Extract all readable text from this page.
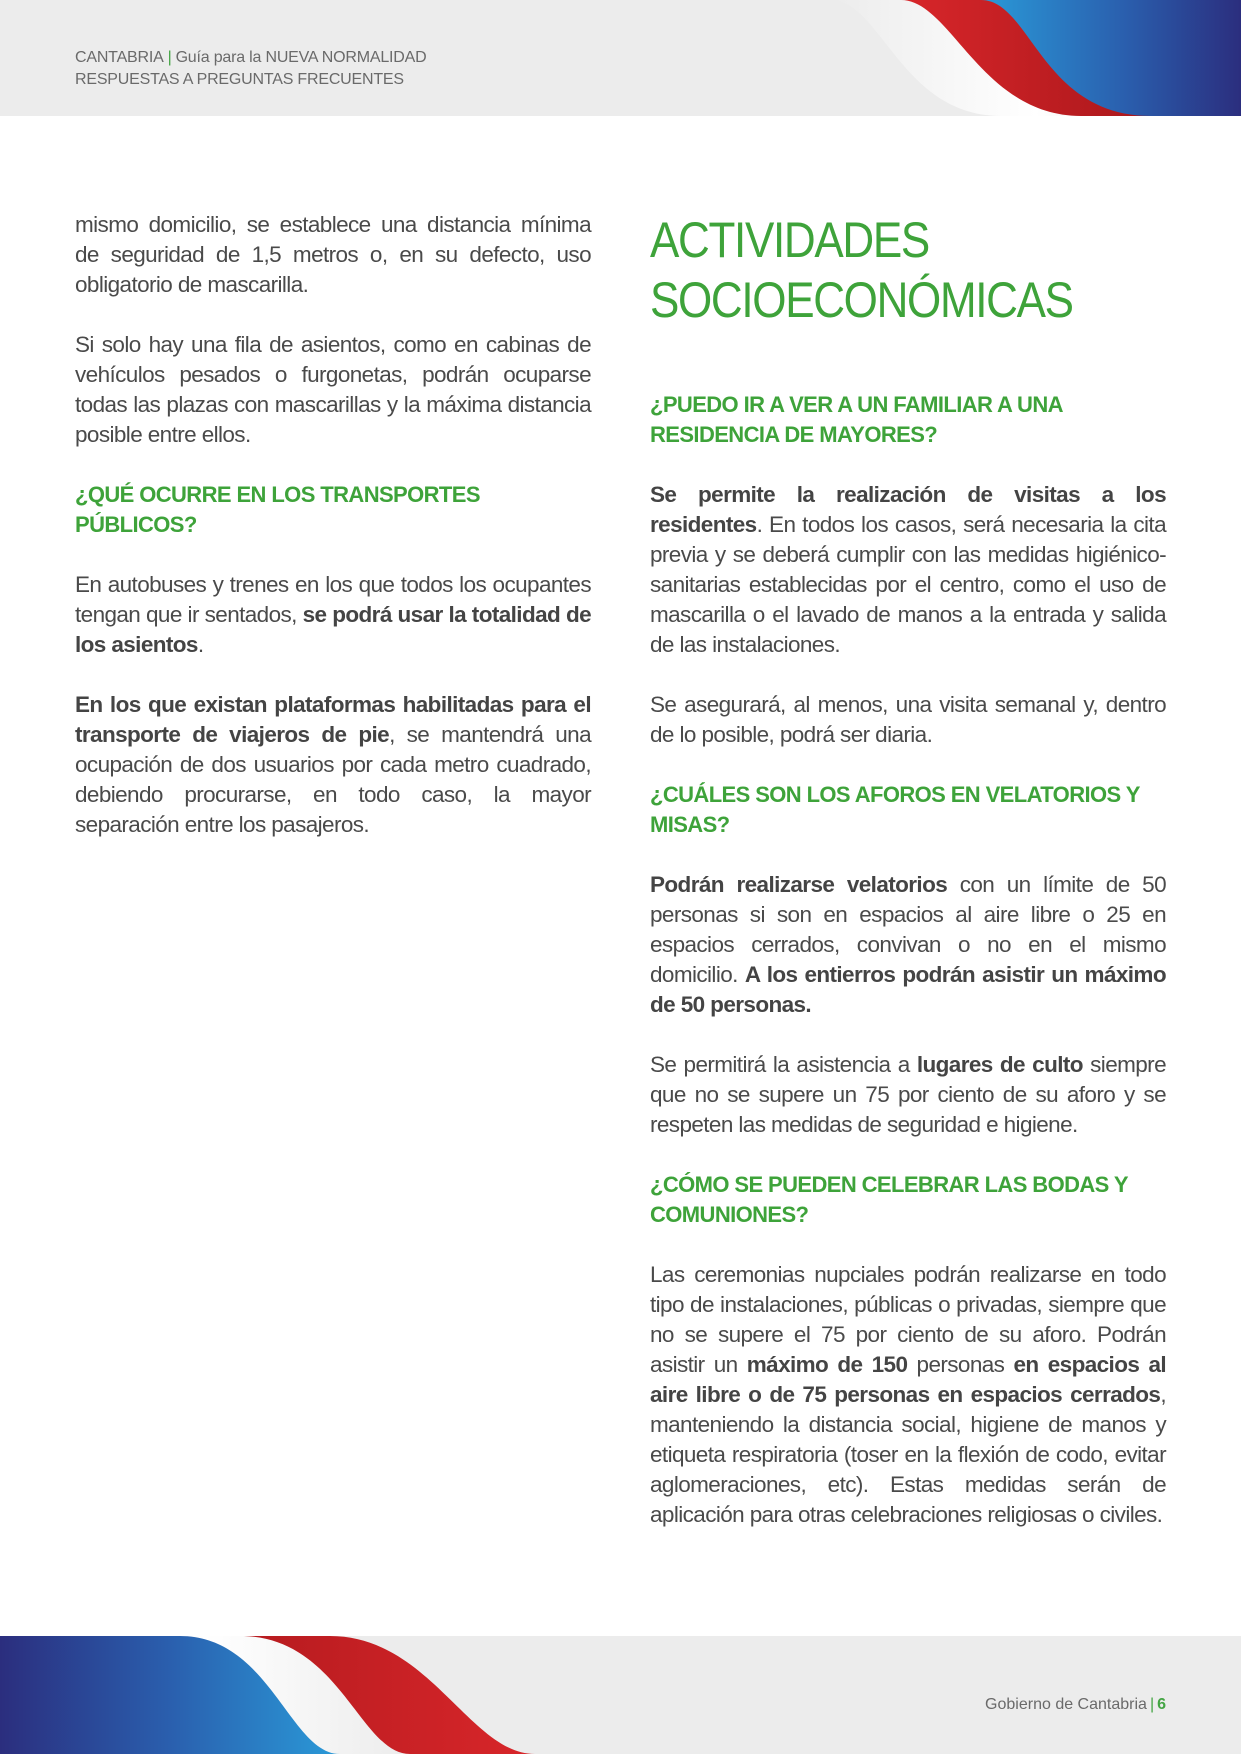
CANTABRIA | Guía para la NUEVA NORMALIDAD
RESPUESTAS A PREGUNTAS FRECUENTES

mismo domicilio, se establece una distancia mínima de seguridad de 1,5 metros o, en su defecto, uso obligatorio de mascarilla.

Si solo hay una fila de asientos, como en cabinas de vehículos pesados o furgonetas, podrán ocuparse todas las plazas con mascarillas y la máxima distancia posible entre ellos.

¿QUÉ OCURRE EN LOS TRANSPORTES PÚBLICOS?

En autobuses y trenes en los que todos los ocupantes tengan que ir sentados, se podrá usar la totalidad de los asientos.

En los que existan plataformas habilitadas para el transporte de viajeros de pie, se mantendrá una ocupación de dos usuarios por cada metro cuadrado, debiendo procurarse, en todo caso, la mayor separación entre los pasajeros.

ACTIVIDADES
SOCIOECONÓMICAS
¿PUEDO IR A VER A UN FAMILIAR A UNA RESIDENCIA DE MAYORES?

Se permite la realización de visitas a los residentes. En todos los casos, será necesaria la cita previa y se deberá cumplir con las medidas higiénico-sanitarias establecidas por el centro, como el uso de mascarilla o el lavado de manos a la entrada y salida de las instalaciones.

Se asegurará, al menos, una visita semanal y, dentro de lo posible, podrá ser diaria.

¿CUÁLES SON LOS AFOROS EN VELATORIOS Y MISAS?

Podrán realizarse velatorios con un límite de 50 personas si son en espacios al aire libre o 25 en espacios cerrados, convivan o no en el mismo domicilio. A los entierros podrán asistir un máximo de 50 personas.

Se permitirá la asistencia a lugares de culto siempre que no se supere un 75 por ciento de su aforo y se respeten las medidas de seguridad e higiene.

¿CÓMO SE PUEDEN CELEBRAR LAS BODAS Y COMUNIONES?

Las ceremonias nupciales podrán realizarse en todo tipo de instalaciones, públicas o privadas, siempre que no se supere el 75 por ciento de su aforo. Podrán asistir un máximo de 150 personas en espacios al aire libre o de 75 personas en espacios cerrados, manteniendo la distancia social, higiene de manos y etiqueta respiratoria (toser en la flexión de codo, evitar aglomeraciones, etc). Estas medidas serán de aplicación para otras celebraciones religiosas o civiles.

Gobierno de Cantabria | 6
